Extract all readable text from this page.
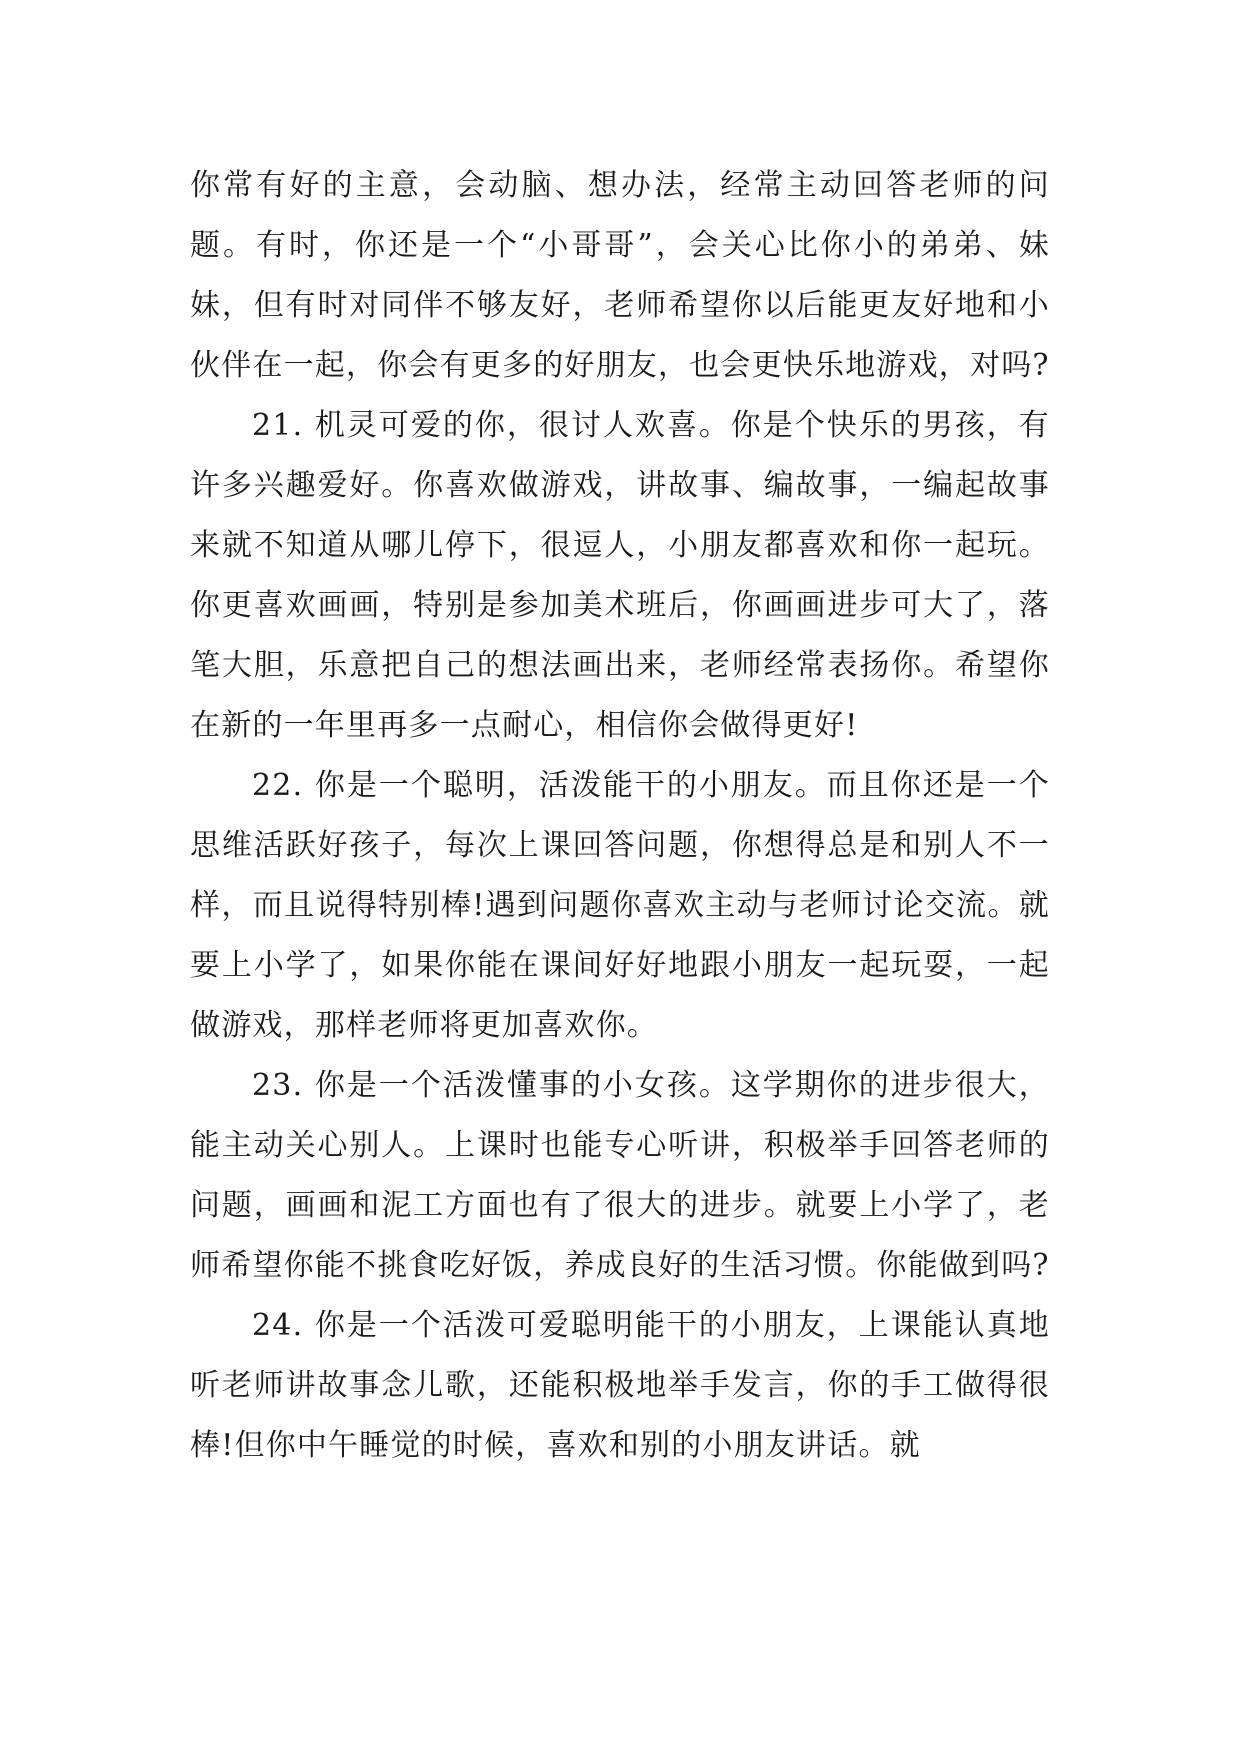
你常有好的主意，会动脑、想办法，经常主动回答老师的问题。有时，你还是一个“小哥哥”，会关心比你小的弟弟、妹妹，但有时对同伴不够友好，老师希望你以后能更友好地和小伙伴在一起，你会有更多的好朋友，也会更快乐地游戏，对吗?

21. 机灵可爱的你，很讨人欢喜。你是个快乐的男孩，有许多兴趣爱好。你喜欢做游戏，讲故事、编故事，一编起故事来就不知道从哪儿停下，很逗人，小朋友都喜欢和你一起玩。你更喜欢画画，特别是参加美术班后，你画画进步可大了，落笔大胆，乐意把自己的想法画出来，老师经常表扬你。希望你在新的一年里再多一点耐心，相信你会做得更好!

22. 你是一个聪明，活泼能干的小朋友。而且你还是一个思维活跃好孩子，每次上课回答问题，你想得总是和别人不一样，而且说得特别棒!遇到问题你喜欢主动与老师讨论交流。就要上小学了，如果你能在课间好好地跟小朋友一起玩耍，一起做游戏，那样老师将更加喜欢你。

23. 你是一个活泼懂事的小女孩。这学期你的进步很大，能主动关心别人。上课时也能专心听讲，积极举手回答老师的问题，画画和泥工方面也有了很大的进步。就要上小学了，老师希望你能不挑食吃好饭，养成良好的生活习惯。你能做到吗?

24. 你是一个活泼可爱聪明能干的小朋友，上课能认真地听老师讲故事念儿歌，还能积极地举手发言，你的手工做得很棒!但你中午睡觉的时候，喜欢和别的小朋友讲话。就
